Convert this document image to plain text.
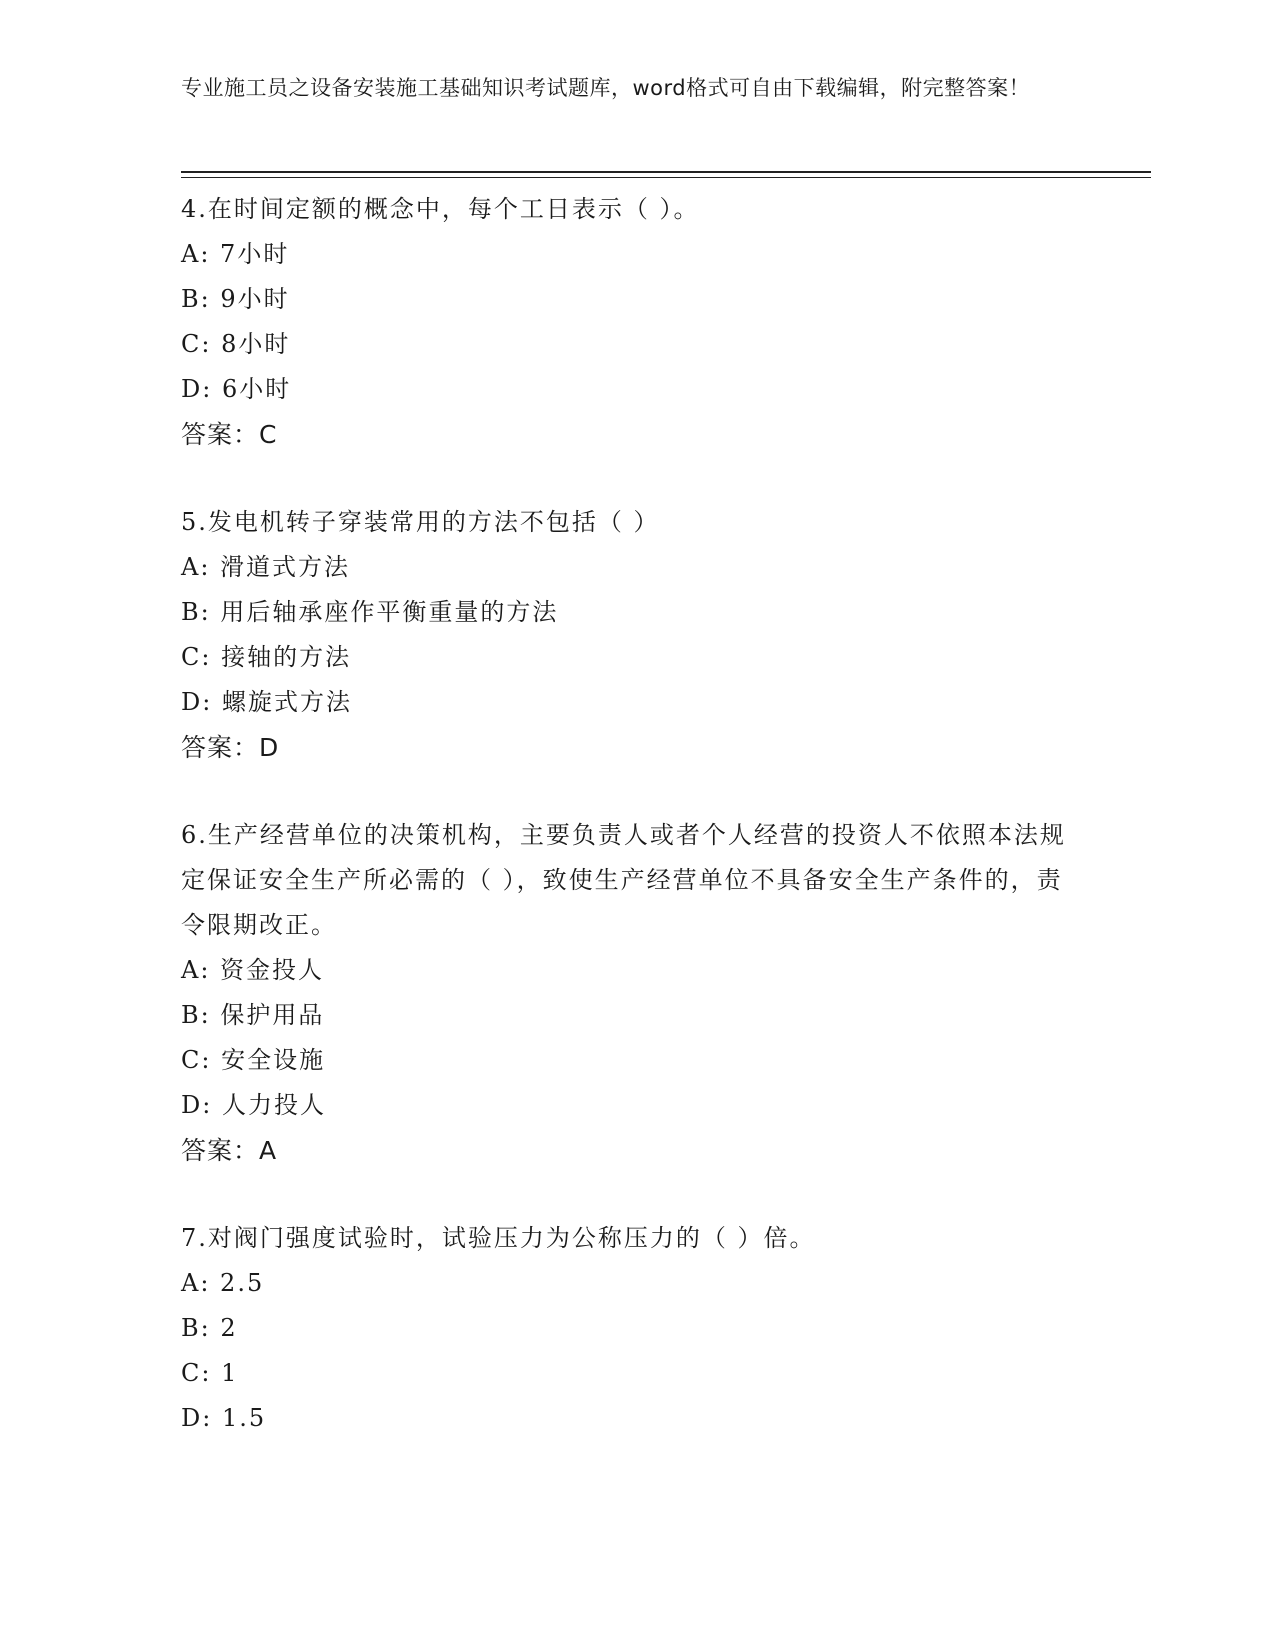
专业施工员之设备安装施工基础知识考试题库，word格式可自由下载编辑，附完整答案！
4.在时间定额的概念中，每个工日表示（ ）。
A: 7小时
B: 9小时
C: 8小时
D: 6小时
答案：C
5.发电机转子穿装常用的方法不包括（ ）
A: 滑道式方法
B: 用后轴承座作平衡重量的方法
C: 接轴的方法
D: 螺旋式方法
答案：D
6.生产经营单位的决策机构，主要负责人或者个人经营的投资人不依照本法规定保证安全生产所必需的（ ），致使生产经营单位不具备安全生产条件的，责令限期改正。
A: 资金投人
B: 保护用品
C: 安全设施
D: 人力投人
答案：A
7.对阀门强度试验时，试验压力为公称压力的（ ）倍。
A: 2.5
B: 2
C: 1
D: 1.5
